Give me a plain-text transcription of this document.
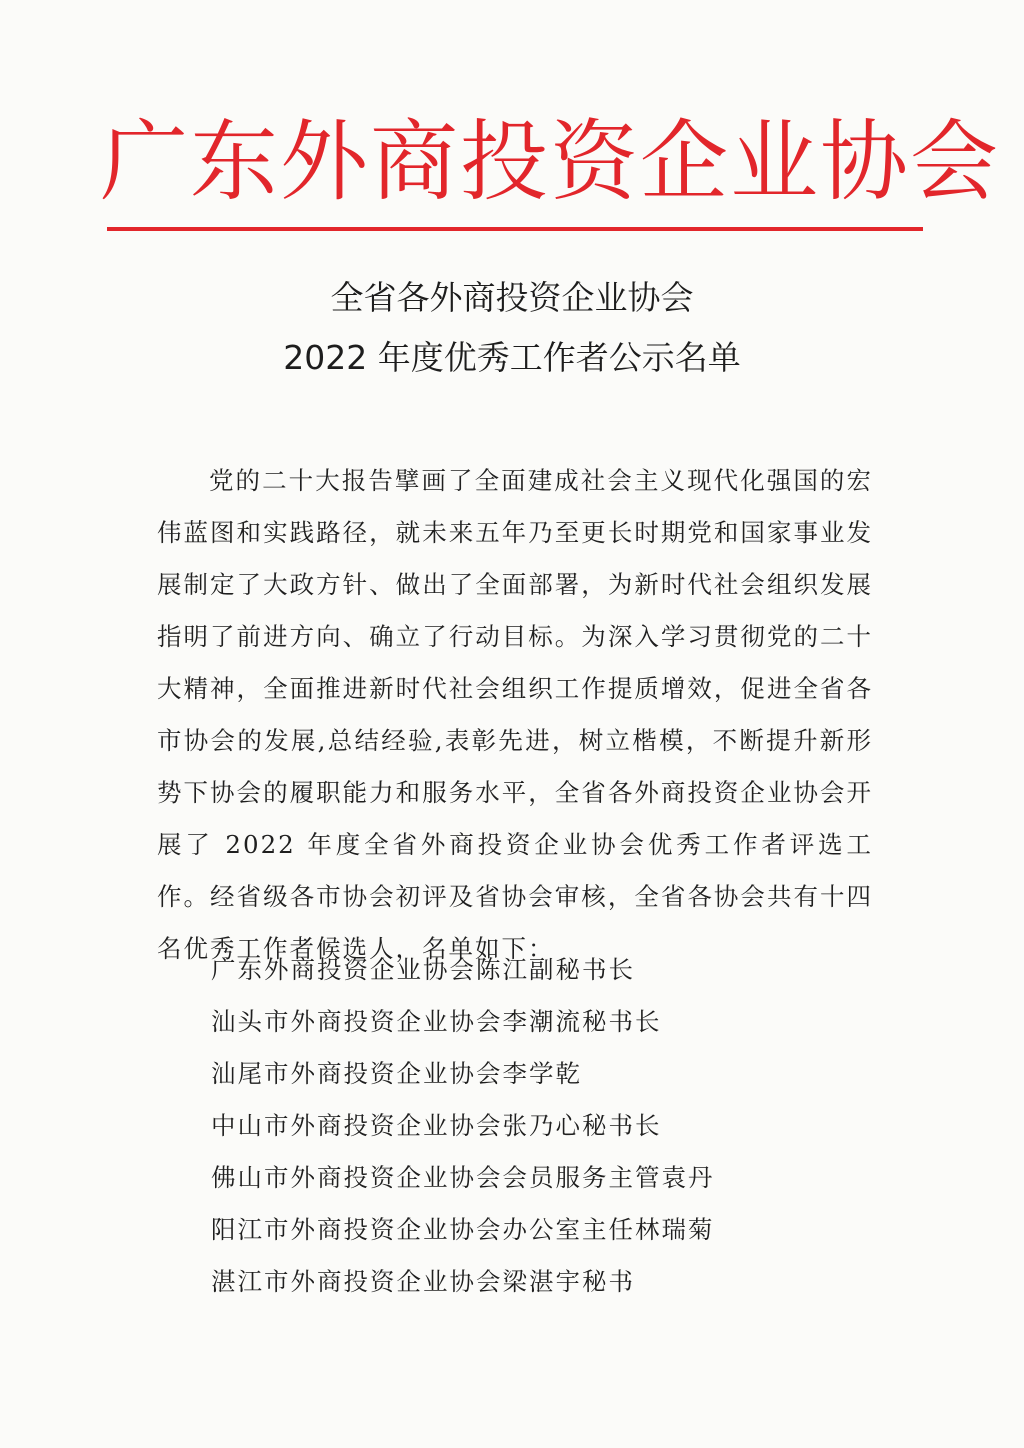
广东外商投资企业协会
全省各外商投资企业协会
2022 年度优秀工作者公示名单

党的二十大报告擘画了全面建成社会主义现代化强国的宏伟蓝图和实践路径，就未来五年乃至更长时期党和国家事业发展制定了大政方针、做出了全面部署，为新时代社会组织发展指明了前进方向、确立了行动目标。为深入学习贯彻党的二十大精神，全面推进新时代社会组织工作提质增效，促进全省各市协会的发展,总结经验,表彰先进，树立楷模，不断提升新形势下协会的履职能力和服务水平，全省各外商投资企业协会开展了 2022 年度全省外商投资企业协会优秀工作者评选工作。经省级各市协会初评及省协会审核，全省各协会共有十四名优秀工作者候选人，名单如下：

广东外商投资企业协会陈江副秘书长
汕头市外商投资企业协会李潮流秘书长
汕尾市外商投资企业协会李学乾
中山市外商投资企业协会张乃心秘书长
佛山市外商投资企业协会会员服务主管袁丹
阳江市外商投资企业协会办公室主任林瑞菊
湛江市外商投资企业协会梁湛宇秘书
